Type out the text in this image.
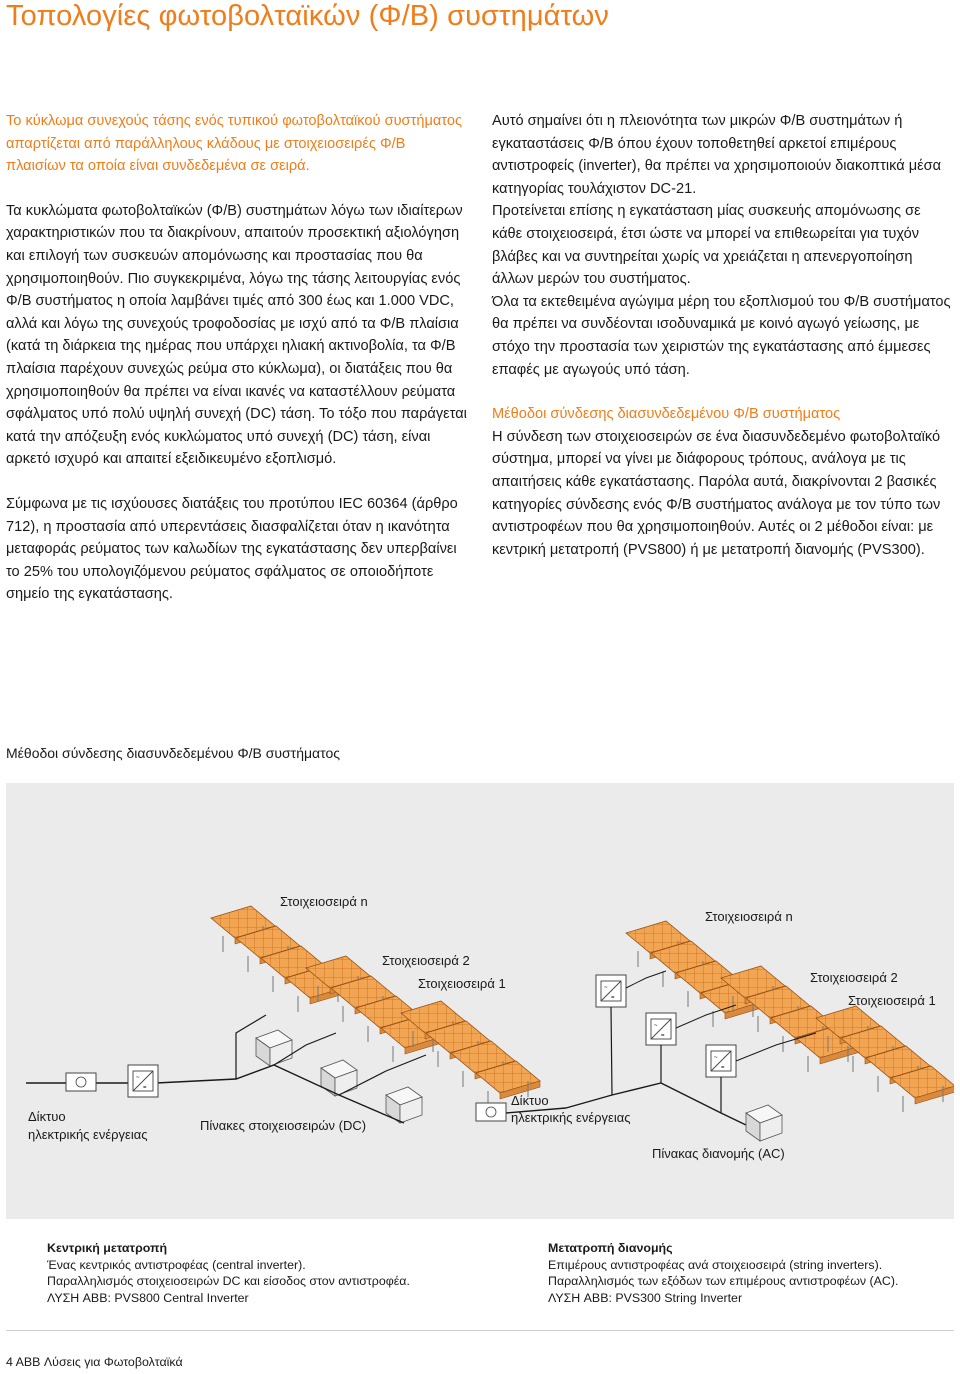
Τοπολογίες φωτοβολταϊκών (Φ/Β) συστημάτων

Το κύκλωμα συνεχούς τάσης ενός τυπικού φωτοβολταϊκού συστήματος απαρτίζεται από παράλληλους κλάδους με στοιχειοσειρές Φ/Β πλαισίων τα οποία είναι συνδεδεμένα σε σειρά.

Τα κυκλώματα φωτοβολταϊκών (Φ/Β) συστημάτων λόγω των ιδιαίτερων χαρακτηριστικών που τα διακρίνουν, απαιτούν προσεκτική αξιολόγηση και επιλογή των συσκευών απομόνωσης και προστασίας που θα χρησιμοποιηθούν. Πιο συγκεκριμένα, λόγω της τάσης λειτουργίας ενός Φ/Β συστήματος η οποία λαμβάνει τιμές από 300 έως και 1.000 VDC, αλλά και λόγω της συνεχούς τροφοδοσίας με ισχύ από τα Φ/Β πλαίσια (κατά τη διάρκεια της ημέρας που υπάρχει ηλιακή ακτινοβολία, τα Φ/Β πλαίσια παρέχουν συνεχώς ρεύμα στο κύκλωμα), οι διατάξεις που θα χρησιμοποιηθούν θα πρέπει να είναι ικανές να καταστέλλουν ρεύματα σφάλματος υπό πολύ υψηλή συνεχή (DC) τάση. Το τόξο που παράγεται κατά την απόζευξη ενός κυκλώματος υπό συνεχή (DC) τάση, είναι αρκετό ισχυρό και απαιτεί εξειδικευμένο εξοπλισμό.

Σύμφωνα με τις ισχύουσες διατάξεις του προτύπου IEC 60364 (άρθρο 712), η προστασία από υπερεντάσεις διασφαλίζεται όταν η ικανότητα μεταφοράς ρεύματος των καλωδίων της εγκατάστασης δεν υπερβαίνει το 25% του υπολογιζόμενου ρεύματος σφάλματος σε οποιοδήποτε σημείο της εγκατάστασης.

Αυτό σημαίνει ότι η πλειονότητα των μικρών Φ/Β συστημάτων ή εγκαταστάσεις Φ/Β όπου έχουν τοποθετηθεί αρκετοί επιμέρους αντιστροφείς (inverter), θα πρέπει να χρησιμοποιούν διακοπτικά μέσα κατηγορίας τουλάχιστον DC-21.

Προτείνεται επίσης η εγκατάσταση μίας συσκευής απομόνωσης σε κάθε στοιχειοσειρά, έτσι ώστε να μπορεί να επιθεωρείται για τυχόν βλάβες και να συντηρείται χωρίς να χρειάζεται η απενεργοποίηση άλλων μερών του συστήματος.

Όλα τα εκτεθειμένα αγώγιμα μέρη του εξοπλισμού του Φ/Β συστήματος θα πρέπει να συνδέονται ισοδυναμικά με κοινό αγωγό γείωσης, με στόχο την προστασία των χειριστών της εγκατάστασης από έμμεσες επαφές με αγωγούς υπό τάση.

Μέθοδοι σύνδεσης διασυνδεδεμένου Φ/Β συστήματος

Η σύνδεση των στοιχειοσειρών σε ένα διασυνδεδεμένο φωτοβολταϊκό σύστημα, μπορεί να γίνει με διάφορους τρόπους, ανάλογα με τις απαιτήσεις κάθε εγκατάστασης. Παρόλα αυτά, διακρίνονται 2 βασικές κατηγορίες σύνδεσης ενός Φ/Β συστήματος ανάλογα με τον τύπο των αντιστροφέων που θα χρησιμοποιηθούν. Αυτές οι 2 μέθοδοι είναι: με κεντρική μετατροπή (PVS800) ή με μετατροπή διανομής (PVS300).

Μέθοδοι σύνδεσης διασυνδεδεμένου Φ/Β συστήματος

~
=
Στοιχειοσειρά n
Στοιχειοσειρά 2
Στοιχειοσειρά 1
Δίκτυο
ηλεκτρικής ενέργειας
Πίνακες στοιχειοσειρών (DC)
Στοιχειοσειρά n
Στοιχειοσειρά 2
Στοιχειοσειρά 1
Δίκτυο
ηλεκτρικής ενέργειας
Πίνακας διανομής (AC)

Κεντρική μετατροπή

Ένας κεντρικός αντιστροφέας (central inverter).

Παραλληλισμός στοιχειοσειρών DC και είσοδος στον αντιστροφέα.

ΛΥΣΗ ABB: PVS800 Central Inverter

Μετατροπή διανομής

Επιμέρους αντιστροφέας ανά στοιχειοσειρά (string inverters).

Παραλληλισμός των εξόδων των επιμέρους αντιστροφέων (AC).

ΛΥΣΗ ABB: PVS300 String Inverter

4 ABB Λύσεις για Φωτοβολταϊκά
